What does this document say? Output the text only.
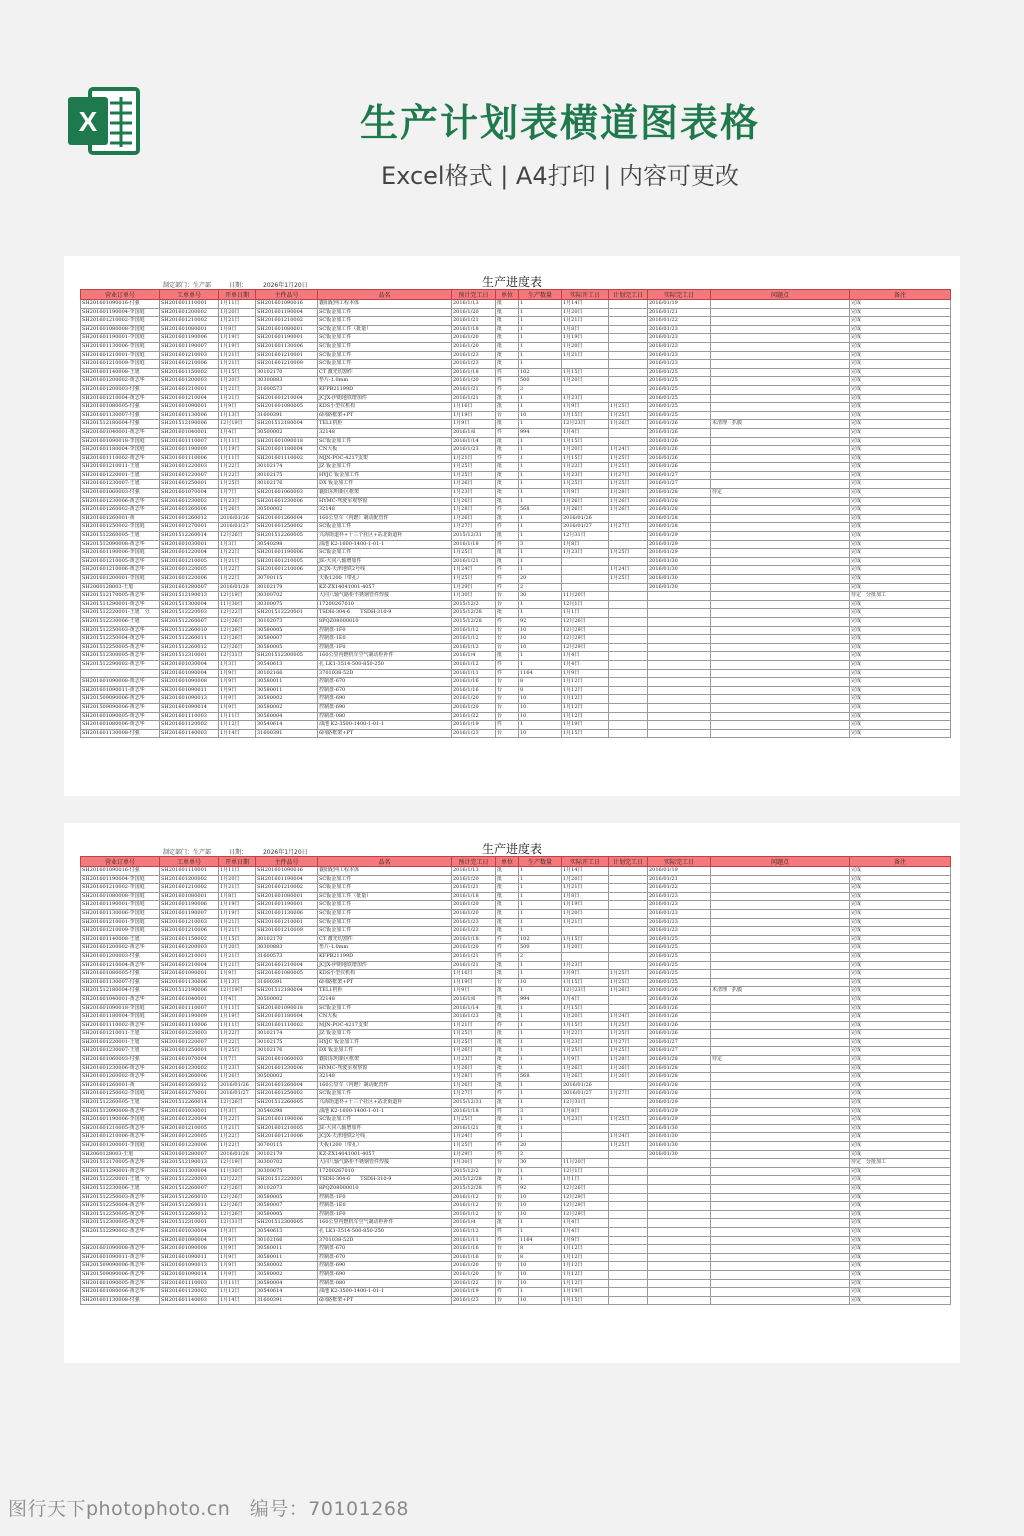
X	生产计划表横道图表格
Excel格式 | A4打印 | 内容可更改
生产进度表
制定部门：生产部	日期：	2026年1月20日
营业订单号	工单单号	开单日期	主件品号	品名	预计完工日	单位	生产数量	实际开工日	计划完工日	实际完工日	问题点	备注
SH201601090016-付强	SH201601110001	1月11日	SH201601090016	襄阳配网工程本体	2016/1/13	批	1	1月14日		2016/01/19		完成
SH201601190004-李国庭	SH201601200002	1月20日	SH201601190004	SC钣金加工件	2016/1/20	批	1	1月20日		2016/01/21		完成
SH201601210002-李国庭	SH201601210002	1月21日	SH201601210002	SC钣金加工件	2016/1/21	批	1	1月21日		2016/01/22		完成
SH201601080008-李国庭	SH201601080001	1月8日	SH201601080001	SC钣金加工件（批量）	2016/1/18	批	1	1月8日		2016/01/23		完成
SH201601190001-李国庭	SH201601190006	1月19日	SH201601190001	SC钣金加工件	2016/1/20	批	1	1月19日		2016/01/23		完成
SH201601130006-李国庭	SH201601190007	1月19日	SH201601130006	SC钣金加工件	2016/1/20	批	1	1月20日		2016/01/23		完成
SH201601210001-李国庭	SH201601210003	1月21日	SH201601210001	SC钣金加工件	2016/1/23	批	1	1月21日		2016/01/23		完成
SH201601210009-李国庭	SH201601210006	1月21日	SH201601210009	SC钣金加工件	2016/1/23	批	1			2016/01/23		完成
SH201601140008-王旭	SH201601150002	1月15日	30102170	CT 激光切割件	2016/1/18	件	102	1月15日		2016/01/25		完成
SH201601200002-黄志华	SH201601200003	1月20日	30300883	垫片-1.0mm	2016/1/20	件	500	1月20日		2016/01/25		完成
SH201601200003-付强	SH201601210001	1月21日	31600573	KFPB21199D	2016/1/21	件	2			2016/01/25		完成
SH201601210004-黄志华	SH201601210004	1月21日	SH201601210004	JCJX-伊朗地铁增加件	2016/1/21	批	1	1月23日		2016/01/25		完成
SH201601080005-付强	SH201601090001	1月9日	SH201601080005	KDS小型仪机构	1月16日	批	1	1月9日	1月25日	2016/01/25		完成
SH201601130007-付强	SH201601130006	1月13日	31600391	6回路框架+PT	1月19日	台	10	1月15日	1月25日	2016/01/25		完成
SH201512180004-付强	SH201512190006	12月19日	SH201512180004	TEL1机柜	1月9日	批	1	12月23日	1月26日	2016/01/26	未清理　扒膜	完成
SH201601040001-黄志华	SH201601040001	1月4日	30500002	32148	2016/1/6	件	994	1月4日		2016/01/26		完成
SH201601090018-李国庭	SH201601110007	1月11日	SH201601090018	SC钣金加工件	2016/1/14	批	1	1月15日		2016/01/26		完成
SH201601180004-李国庭	SH201601190009	1月19日	SH201601180004	CN大板	2016/1/23	批	1	1月20日	1月24日	2016/01/26		完成
SH201601110002-黄志华	SH201601110006	1月11日	SH201601110002	MJN-POC-4217支架	1月21日	件	1	1月15日	1月25日	2016/01/26		完成
SH201601210011-王旭	SH201601220003	1月22日	30102174	JZ 钣金加工件	1月25日	批	1	1月22日	1月25日	2016/01/26		完成
SH201601220001-王旭	SH201601220007	1月22日	30102175	HYJC 钣金加工件	1月25日	批	1	1月23日	1月27日	2016/01/27		完成
SH201601230007-王旭	SH201601250001	1月25日	30102176	DX 钣金加工件	1月26日	批	1	1月25日	1月25日	2016/01/27		完成
SH201601060003-付强	SH201601070004	1月7日	SH201601060003	襄阳东明新区框架	1月23日	批	1	1月9日	1月28日	2016/01/28	待定	完成
SH201601230006-黄志华	SH201601230002	1月23日	SH201601230006	HYMC-驾驶室观察窗	1月26日	批	1	1月26日	1月26日	2016/01/28		完成
SH201601260002-黄志华	SH201601260006	1月26日	30500002	32148	1月28日	件	568	1月26日	1月26日	2016/01/28		完成
SH201601260001-黄	SH201601260012	2016/01/26	SH201601260004	160公里车（内燃）制动配管件	1月26日	批	1	2016/01/26		2016/01/28		完成
SH201601250002-李国庭	SH201601270001	2016/01/27	SH201601250002	SC钣金加工件	1月27日	件	1	2016/01/27	1月27日	2016/01/28		完成
SH201512260005-王旭	SH201512260014	12月26日	SH201512260005	兴海街道朴+十三个社区+站北街道朴	2015/12/31	批	1	12月31日		2016/01/29		完成
SH201512090008-黄志华	SH201601030001	1月3日	30540298	油池 K2-1600-1400-1-01-1	2016/1/18	件	3	1月8日		2016/01/29		完成
SH201601190006-李国庭	SH201601220004	1月22日	SH201601190006	SC钣金加工件	1月25日	批	1	1月23日	1月25日	2016/01/29		完成
SH201601210005-黄志华	SH201601210005	1月21日	SH201601210005	JE-大同八轴增加件	2016/1/21	批	1			2016/01/30		完成
SH201601210006-黄志华	SH201601220005	1月22日	SH201601210006	JCJX-天津地铁2号线	1月24日	件	1		1月24日	2016/01/30		完成
SH201601200001-李国庭	SH201601220006	1月22日	30700115	天板1200（带孔）	1月25日	件	20		1月25日	2016/01/30		完成
SH2060128003-王旭	SH201601280007	2016/01/28	30102179	KZ-ZX14041001-4057	1月29日	件	2			2016/01/30		完成
SH201512170005-黄志华	SH201512190013	12月19日	30300702	大同八轴气路柜不锈钢管件焊接	1月30日	台	30	11月20日				待定　分批加工
SH201511290001-黄志华	SH201511300004	11月30日	30300075	17200267010	2015/12/2	台	1	12月1日				完成
SH201512220001-王旭　分	SH201512220003	12月22日	SH201512220001	TSDH-304-6　　TSDH-310-9	2015/12/28	批	1	1月1日				完成
SH201512230006-王旭	SH201512260007	12月26日	30102073	8PQZ08000010	2015/12/28	件	92	12月26日				完成
SH201512250003-黄志华	SH201512260010	12月26日	30580005	控制盘-1F0	2016/1/12	台	10	12月29日				完成
SH201512250004-黄志华	SH201512260011	12月26日	30580007	控制盘-1E0	2016/1/12	台	10	12月29日				完成
SH201512250005-黄志华	SH201512260012	12月26日	30580005	控制盘-1F0	2016/1/12	台	10	12月29日				完成
SH201512300005-黄志华	SH201512310001	12月31日	SH201512300005	160公里内燃机车空气制动柜补件	2016/1/4	批	1	1月4日				完成
SH201512290002-黄志华	SH201601030004	1月3日	30540613	孔 LK1-3514-500-850-250	2016/1/12	件	1	1月4日				完成
	SH201601090004	1月9日	30102166	3701038-52D	2016/1/11	件	1164	1月9日				完成
SH201601090008-黄志华	SH201601090008	1月9日	30580011	控制盘-670	2016/1/16	台	8	1月12日				完成
SH201601090011-黄志华	SH201601090011	1月9日	30580011	控制盘-670	2016/1/16	台	8	1月12日				完成
SH201509090006-黄志华	SH201601090013	1月9日	30580002	控制盘-690	2016/1/20	台	10	1月12日				完成
SH201509090006-黄志华	SH201601090014	1月9日	30580002	控制盘-690	2016/1/20	台	10	1月12日				完成
SH201601090005-黄志华	SH201601110003	1月11日	30580004	控制盘-080	2016/1/22	台	10	1月12日				完成
SH201601080006-黄志华	SH201601120002	1月12日	30540614	油池 K2-3500-1400-1-01-1	2016/1/19	件	1	1月19日				完成
SH201601130008-付强	SH201601140003	1月14日	31600391	6回路框架+PT	2016/1/23	台	10	1月15日				完成
生产进度表
制定部门：生产部	日期：	2026年1月20日
营业订单号	工单单号	开单日期	主件品号	品名	预计完工日	单位	生产数量	实际开工日	计划完工日	实际完工日	问题点	备注
SH201601090016-付强	SH201601110001	1月11日	SH201601090016	襄阳配网工程本体	2016/1/13	批	1	1月14日		2016/01/19		完成
SH201601190004-李国庭	SH201601200002	1月20日	SH201601190004	SC钣金加工件	2016/1/20	批	1	1月20日		2016/01/21		完成
SH201601210002-李国庭	SH201601210002	1月21日	SH201601210002	SC钣金加工件	2016/1/21	批	1	1月21日		2016/01/22		完成
SH201601080008-李国庭	SH201601080001	1月8日	SH201601080001	SC钣金加工件（批量）	2016/1/18	批	1	1月8日		2016/01/23		完成
SH201601190001-李国庭	SH201601190006	1月19日	SH201601190001	SC钣金加工件	2016/1/20	批	1	1月19日		2016/01/23		完成
SH201601130006-李国庭	SH201601190007	1月19日	SH201601130006	SC钣金加工件	2016/1/20	批	1	1月20日		2016/01/23		完成
SH201601210001-李国庭	SH201601210003	1月21日	SH201601210001	SC钣金加工件	2016/1/23	批	1	1月21日		2016/01/23		完成
SH201601210009-李国庭	SH201601210006	1月21日	SH201601210009	SC钣金加工件	2016/1/23	批	1			2016/01/23		完成
SH201601140008-王旭	SH201601150002	1月15日	30102170	CT 激光切割件	2016/1/18	件	102	1月15日		2016/01/25		完成
SH201601200002-黄志华	SH201601200003	1月20日	30300883	垫片-1.0mm	2016/1/20	件	500	1月20日		2016/01/25		完成
SH201601200003-付强	SH201601210001	1月21日	31600573	KFPB21199D	2016/1/21	件	2			2016/01/25		完成
SH201601210004-黄志华	SH201601210004	1月21日	SH201601210004	JCJX-伊朗地铁增加件	2016/1/21	批	1	1月23日		2016/01/25		完成
SH201601080005-付强	SH201601090001	1月9日	SH201601080005	KDS小型仪机构	1月16日	批	1	1月9日	1月25日	2016/01/25		完成
SH201601130007-付强	SH201601130006	1月13日	31600391	6回路框架+PT	1月19日	台	10	1月15日	1月25日	2016/01/25		完成
SH201512180004-付强	SH201512190006	12月19日	SH201512180004	TEL1机柜	1月9日	批	1	12月23日	1月26日	2016/01/26	未清理　扒膜	完成
SH201601040001-黄志华	SH201601040001	1月4日	30500002	32148	2016/1/6	件	994	1月4日		2016/01/26		完成
SH201601090018-李国庭	SH201601110007	1月11日	SH201601090018	SC钣金加工件	2016/1/14	批	1	1月15日		2016/01/26		完成
SH201601180004-李国庭	SH201601190009	1月19日	SH201601180004	CN大板	2016/1/23	批	1	1月20日	1月24日	2016/01/26		完成
SH201601110002-黄志华	SH201601110006	1月11日	SH201601110002	MJN-POC-4217支架	1月21日	件	1	1月15日	1月25日	2016/01/26		完成
SH201601210011-王旭	SH201601220003	1月22日	30102174	JZ 钣金加工件	1月25日	批	1	1月22日	1月25日	2016/01/26		完成
SH201601220001-王旭	SH201601220007	1月22日	30102175	HYJC 钣金加工件	1月25日	批	1	1月23日	1月27日	2016/01/27		完成
SH201601230007-王旭	SH201601250001	1月25日	30102176	DX 钣金加工件	1月26日	批	1	1月25日	1月25日	2016/01/27		完成
SH201601060003-付强	SH201601070004	1月7日	SH201601060003	襄阳东明新区框架	1月23日	批	1	1月9日	1月28日	2016/01/28	待定	完成
SH201601230006-黄志华	SH201601230002	1月23日	SH201601230006	HYMC-驾驶室观察窗	1月26日	批	1	1月26日	1月26日	2016/01/28		完成
SH201601260002-黄志华	SH201601260006	1月26日	30500002	32148	1月28日	件	568	1月26日	1月26日	2016/01/28		完成
SH201601260001-黄	SH201601260012	2016/01/26	SH201601260004	160公里车（内燃）制动配管件	1月26日	批	1	2016/01/26		2016/01/28		完成
SH201601250002-李国庭	SH201601270001	2016/01/27	SH201601250002	SC钣金加工件	1月27日	件	1	2016/01/27	1月27日	2016/01/28		完成
SH201512260005-王旭	SH201512260014	12月26日	SH201512260005	兴海街道朴+十三个社区+站北街道朴	2015/12/31	批	1	12月31日		2016/01/29		完成
SH201512090008-黄志华	SH201601030001	1月3日	30540298	油池 K2-1600-1400-1-01-1	2016/1/18	件	3	1月8日		2016/01/29		完成
SH201601190006-李国庭	SH201601220004	1月22日	SH201601190006	SC钣金加工件	1月25日	批	1	1月23日	1月25日	2016/01/29		完成
SH201601210005-黄志华	SH201601210005	1月21日	SH201601210005	JE-大同八轴增加件	2016/1/21	批	1			2016/01/30		完成
SH201601210006-黄志华	SH201601220005	1月22日	SH201601210006	JCJX-天津地铁2号线	1月24日	件	1		1月24日	2016/01/30		完成
SH201601200001-李国庭	SH201601220006	1月22日	30700115	天板1200（带孔）	1月25日	件	20		1月25日	2016/01/30		完成
SH2060128003-王旭	SH201601280007	2016/01/28	30102179	KZ-ZX14041001-4057	1月29日	件	2			2016/01/30		完成
SH201512170005-黄志华	SH201512190013	12月19日	30300702	大同八轴气路柜不锈钢管件焊接	1月30日	台	30	11月20日				待定　分批加工
SH201511290001-黄志华	SH201511300004	11月30日	30300075	17200267010	2015/12/2	台	1	12月1日				完成
SH201512220001-王旭　分	SH201512220003	12月22日	SH201512220001	TSDH-304-6　　TSDH-310-9	2015/12/28	批	1	1月1日				完成
SH201512230006-王旭	SH201512260007	12月26日	30102073	8PQZ08000010	2015/12/28	件	92	12月26日				完成
SH201512250003-黄志华	SH201512260010	12月26日	30580005	控制盘-1F0	2016/1/12	台	10	12月29日				完成
SH201512250004-黄志华	SH201512260011	12月26日	30580007	控制盘-1E0	2016/1/12	台	10	12月29日				完成
SH201512250005-黄志华	SH201512260012	12月26日	30580005	控制盘-1F0	2016/1/12	台	10	12月29日				完成
SH201512300005-黄志华	SH201512310001	12月31日	SH201512300005	160公里内燃机车空气制动柜补件	2016/1/4	批	1	1月4日				完成
SH201512290002-黄志华	SH201601030004	1月3日	30540613	孔 LK1-3514-500-850-250	2016/1/12	件	1	1月4日				完成
	SH201601090004	1月9日	30102166	3701038-52D	2016/1/11	件	1164	1月9日				完成
SH201601090008-黄志华	SH201601090008	1月9日	30580011	控制盘-670	2016/1/16	台	8	1月12日				完成
SH201601090011-黄志华	SH201601090011	1月9日	30580011	控制盘-670	2016/1/16	台	8	1月12日				完成
SH201509090006-黄志华	SH201601090013	1月9日	30580002	控制盘-690	2016/1/20	台	10	1月12日				完成
SH201509090006-黄志华	SH201601090014	1月9日	30580002	控制盘-690	2016/1/20	台	10	1月12日				完成
SH201601090005-黄志华	SH201601110003	1月11日	30580004	控制盘-080	2016/1/22	台	10	1月12日				完成
SH201601080006-黄志华	SH201601120002	1月12日	30540614	油池 K2-3500-1400-1-01-1	2016/1/19	件	1	1月19日				完成
SH201601130008-付强	SH201601140003	1月14日	31600391	6回路框架+PT	2016/1/23	台	10	1月15日				完成
图行天下photophoto.cn　编号：70101268
